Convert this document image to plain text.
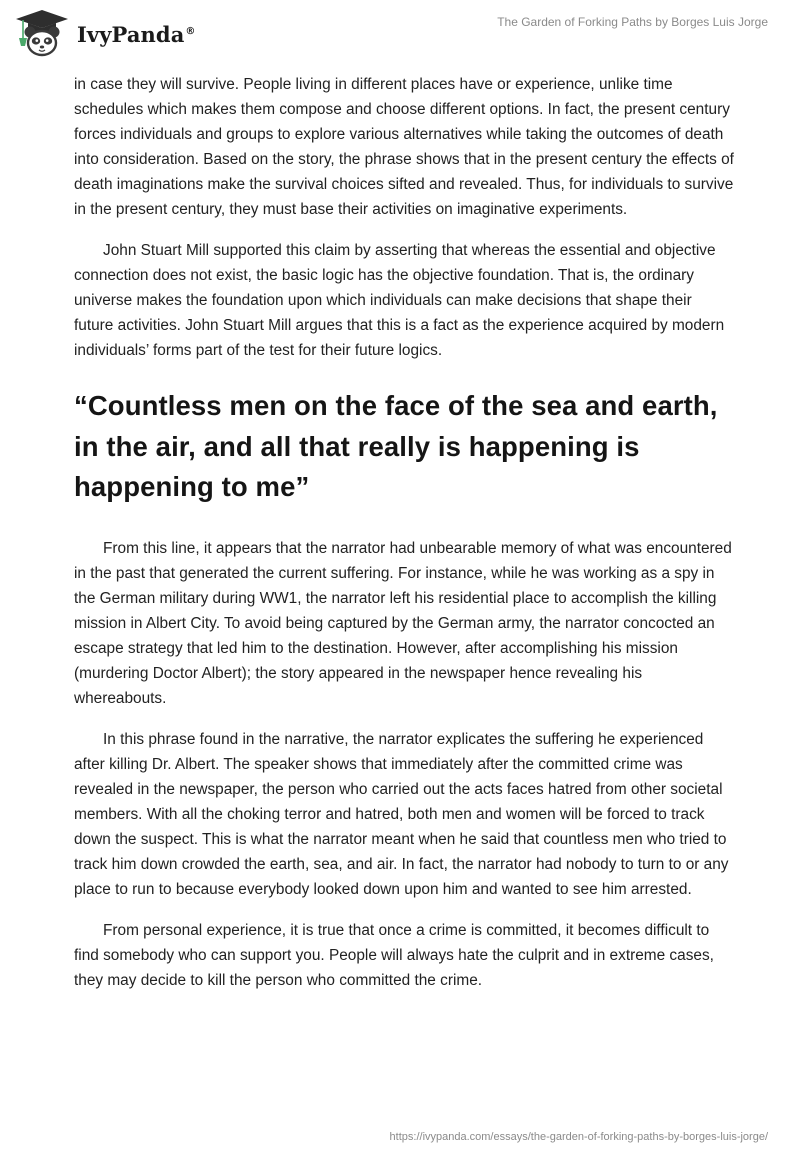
IvyPanda®
The Garden of Forking Paths by Borges Luis Jorge

in case they will survive. People living in different places have or experience, unlike time schedules which makes them compose and choose different options. In fact, the present century forces individuals and groups to explore various alternatives while taking the outcomes of death into consideration. Based on the story, the phrase shows that in the present century the effects of death imaginations make the survival choices sifted and revealed. Thus, for individuals to survive in the present century, they must base their activities on imaginative experiments.

John Stuart Mill supported this claim by asserting that whereas the essential and objective connection does not exist, the basic logic has the objective foundation. That is, the ordinary universe makes the foundation upon which individuals can make decisions that shape their future activities. John Stuart Mill argues that this is a fact as the experience acquired by modern individuals’ forms part of the test for their future logics.

“Countless men on the face of the sea and earth, in the air, and all that really is happening is happening to me”

From this line, it appears that the narrator had unbearable memory of what was encountered in the past that generated the current suffering. For instance, while he was working as a spy in the German military during WW1, the narrator left his residential place to accomplish the killing mission in Albert City. To avoid being captured by the German army, the narrator concocted an escape strategy that led him to the destination. However, after accomplishing his mission (murdering Doctor Albert); the story appeared in the newspaper hence revealing his whereabouts.

In this phrase found in the narrative, the narrator explicates the suffering he experienced after killing Dr. Albert. The speaker shows that immediately after the committed crime was revealed in the newspaper, the person who carried out the acts faces hatred from other societal members. With all the choking terror and hatred, both men and women will be forced to track down the suspect. This is what the narrator meant when he said that countless men who tried to track him down crowded the earth, sea, and air. In fact, the narrator had nobody to turn to or any place to run to because everybody looked down upon him and wanted to see him arrested.

From personal experience, it is true that once a crime is committed, it becomes difficult to find somebody who can support you. People will always hate the culprit and in extreme cases, they may decide to kill the person who committed the crime.

https://ivypanda.com/essays/the-garden-of-forking-paths-by-borges-luis-jorge/
